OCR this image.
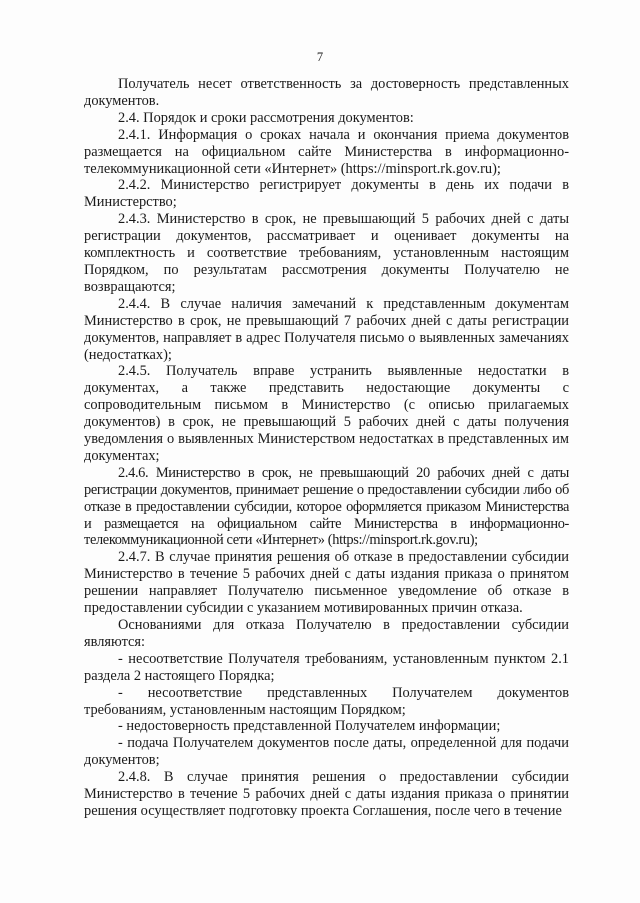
7

Получатель несет ответственность за достоверность представленных документов.

2.4. Порядок и сроки рассмотрения документов:

2.4.1. Информация о сроках начала и окончания приема документов размещается на официальном сайте Министерства в информационно-телекоммуникационной сети «Интернет» (https://minsport.rk.gov.ru);

2.4.2. Министерство регистрирует документы в день их подачи в Министерство;

2.4.3. Министерство в срок, не превышающий 5 рабочих дней с даты регистрации документов, рассматривает и оценивает документы на комплектность и соответствие требованиям, установленным настоящим Порядком, по результатам рассмотрения документы Получателю не возвращаются;

2.4.4. В случае наличия замечаний к представленным документам Министерство в срок, не превышающий 7 рабочих дней с даты регистрации документов, направляет в адрес Получателя письмо о выявленных замечаниях (недостатках);

2.4.5. Получатель вправе устранить выявленные недостатки в документах, а также представить недостающие документы с сопроводительным письмом в Министерство (с описью прилагаемых документов) в срок, не превышающий 5 рабочих дней с даты получения уведомления о выявленных Министерством недостатках в представленных им документах;

2.4.6. Министерство в срок, не превышающий 20 рабочих дней с даты регистрации документов, принимает решение о предоставлении субсидии либо об отказе в предоставлении субсидии, которое оформляется приказом Министерства и размещается на официальном сайте Министерства в информационно-телекоммуникационной сети «Интернет» (https://minsport.rk.gov.ru);

2.4.7. В случае принятия решения об отказе в предоставлении субсидии Министерство в течение 5 рабочих дней с даты издания приказа о принятом решении направляет Получателю письменное уведомление об отказе в предоставлении субсидии с указанием мотивированных причин отказа.

Основаниями для отказа Получателю в предоставлении субсидии являются:

- несоответствие Получателя требованиям, установленным пунктом 2.1 раздела 2 настоящего Порядка;

- несоответствие представленных Получателем документов требованиям, установленным настоящим Порядком;

- недостоверность представленной Получателем информации;

- подача Получателем документов после даты, определенной для подачи документов;

2.4.8. В случае принятия решения о предоставлении субсидии Министерство в течение 5 рабочих дней с даты издания приказа о принятии решения осуществляет подготовку проекта Соглашения, после чего в течение
